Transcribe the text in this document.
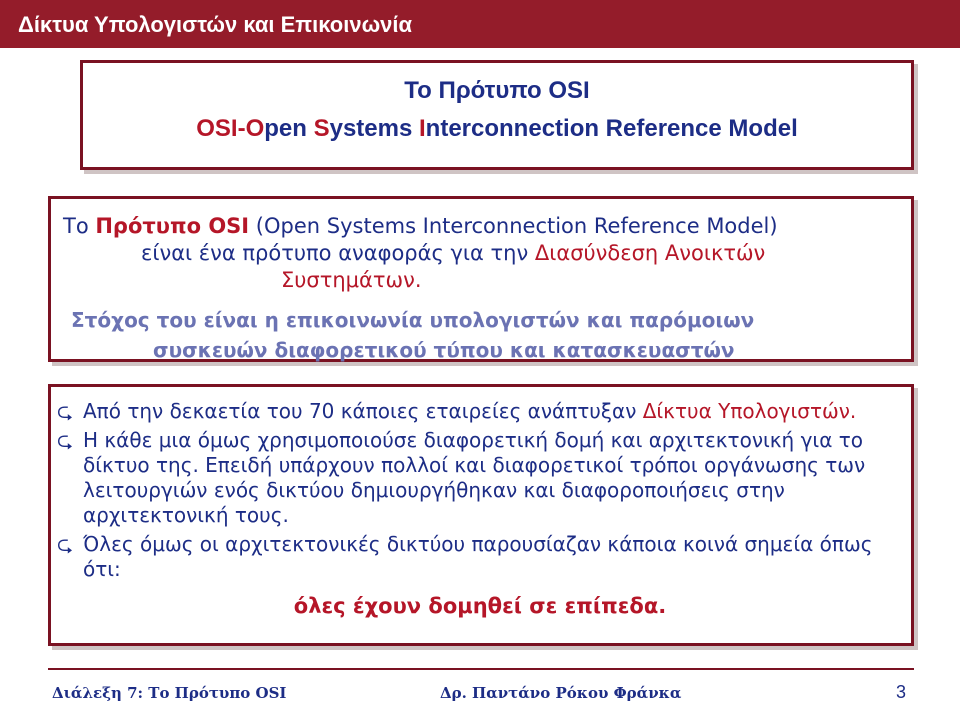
Δίκτυα Υπολογιστών και Επικοινωνία
Το Πρότυπο OSI
OSI-Open Systems Interconnection Reference Model
Το Πρότυπο OSI (Open Systems Interconnection Reference Model)
είναι ένα πρότυπο αναφοράς για την Διασύνδεση Ανοικτών
Συστημάτων.
Στόχος του είναι η επικοινωνία υπολογιστών και παρόμοιων
συσκευών διαφορετικού τύπου και κατασκευαστών
⮎ Από την δεκαετία του 70 κάποιες εταιρείες ανάπτυξαν Δίκτυα Υπολογιστών.
⮎ Η κάθε μια όμως χρησιμοποιούσε διαφορετική δομή και αρχιτεκτονική για το δίκτυο της. Επειδή υπάρχουν πολλοί και διαφορετικοί τρόποι οργάνωσης των λειτουργιών ενός δικτύου δημιουργήθηκαν και διαφοροποιήσεις στην αρχιτεκτονική τους.
⮎ Όλες όμως οι αρχιτεκτονικές δικτύου παρουσίαζαν κάποια κοινά σημεία όπως ότι:
όλες έχουν δομηθεί σε επίπεδα.
Διάλεξη 7: Το Πρότυπο OSI	Δρ. Παντάνο Ρόκου Φράνκα	3
